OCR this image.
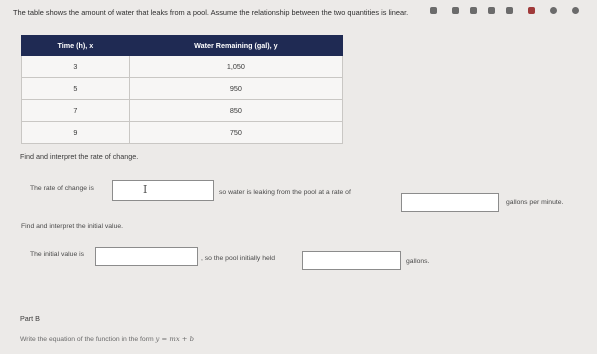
The table shows the amount of water that leaks from a pool. Assume the relationship between the two quantities is linear.
Time (h), x	Water Remaining (gal), y
3	1,050
5	950
7	850
9	750
Find and interpret the rate of change.
The rate of change is	I	so water is leaking from the pool at a rate of
gallons per minute.
Find and interpret the initial value.
The initial value is
, so the pool initially held	gallons.
Part B
Write the equation of the function in the form y = mx + b
